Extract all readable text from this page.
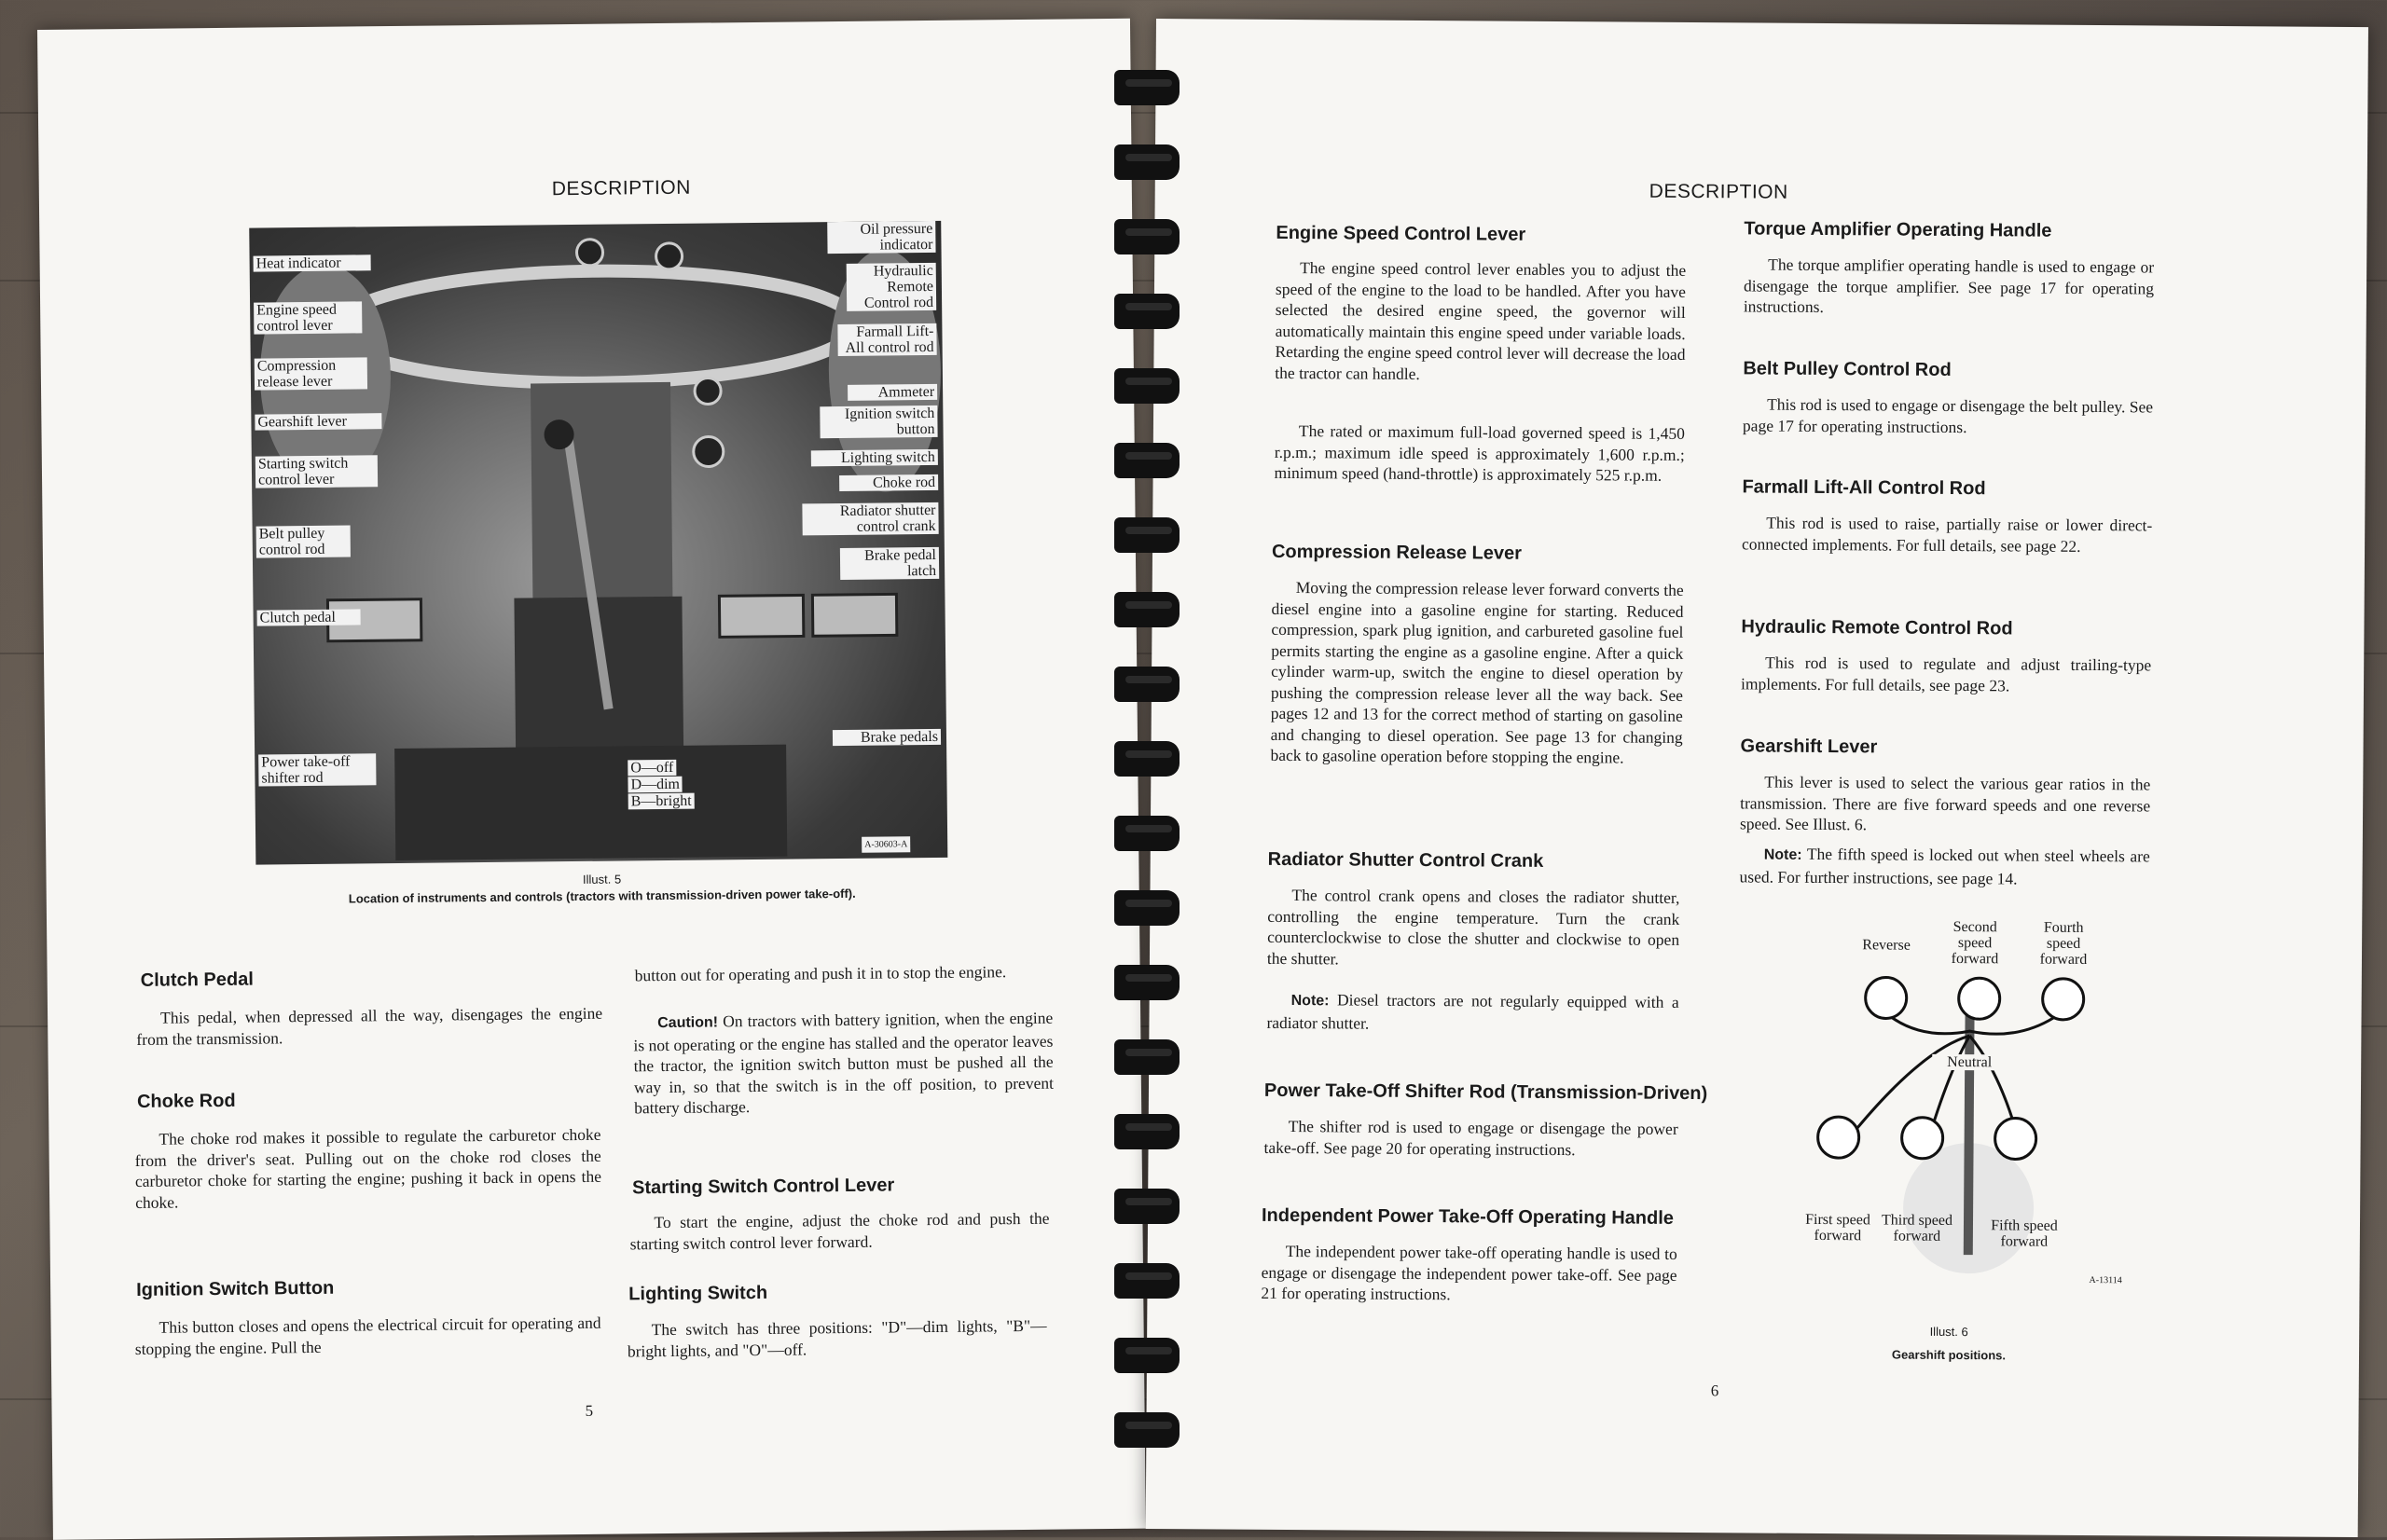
DESCRIPTION
Heat indicator
Engine speed control lever
Compression release lever
Gearshift lever
Starting switch control lever
Belt pulley control rod
Clutch pedal
Power take-off shifter rod
Oil pressure indicator
Hydraulic Remote Control rod
Farmall Lift-All control rod
Ammeter
Ignition switch button
Lighting switch
Choke rod
Radiator shutter control crank
Brake pedal latch
Brake pedals
O—off
D—dim
B—bright
A-30603-A
Illust. 5
Location of instruments and controls (tractors with transmission-driven power take-off).
Clutch Pedal
This pedal, when depressed all the way, disengages the engine from the transmission.
Choke Rod
The choke rod makes it possible to regulate the carburetor choke from the driver's seat. Pulling out on the choke rod closes the carburetor choke for starting the engine; pushing it back in opens the choke.
Ignition Switch Button
This button closes and opens the electrical circuit for operating and stopping the engine. Pull the
button out for operating and push it in to stop the engine.
Caution! On tractors with battery ignition, when the engine is not operating or the engine has stalled and the operator leaves the tractor, the ignition switch button must be pushed all the way in, so that the switch is in the off position, to prevent battery discharge.
Starting Switch Control Lever
To start the engine, adjust the choke rod and push the starting switch control lever forward.
Lighting Switch
The switch has three positions: "D"—dim lights, "B"—bright lights, and "O"—off.
5
DESCRIPTION
Engine Speed Control Lever
The engine speed control lever enables you to adjust the speed of the engine to the load to be handled. After you have selected the desired engine speed, the governor will automatically maintain this engine speed under variable loads. Retarding the engine speed control lever will decrease the load the tractor can handle.
The rated or maximum full-load governed speed is 1,450 r.p.m.; maximum idle speed is approximately 1,600 r.p.m.; minimum speed (hand-throttle) is approximately 525 r.p.m.
Compression Release Lever
Moving the compression release lever forward converts the diesel engine into a gasoline engine for starting. Reduced compression, spark plug ignition, and carbureted gasoline fuel permits starting the engine as a gasoline engine. After a quick cylinder warm-up, switch the engine to diesel operation by pushing the compression release lever all the way back. See pages 12 and 13 for the correct method of starting on gasoline and changing to diesel operation. See page 13 for changing back to gasoline operation before stopping the engine.
Radiator Shutter Control Crank
The control crank opens and closes the radiator shutter, controlling the engine temperature. Turn the crank counterclockwise to close the shutter and clockwise to open the shutter.
Note: Diesel tractors are not regularly equipped with a radiator shutter.
Power Take-Off Shifter Rod (Transmission-Driven)
The shifter rod is used to engage or disengage the power take-off. See page 20 for operating instructions.
Independent Power Take-Off Operating Handle
The independent power take-off operating handle is used to engage or disengage the independent power take-off. See page 21 for operating instructions.
6
Torque Amplifier Operating Handle
The torque amplifier operating handle is used to engage or disengage the torque amplifier. See page 17 for operating instructions.
Belt Pulley Control Rod
This rod is used to engage or disengage the belt pulley. See page 17 for operating instructions.
Farmall Lift-All Control Rod
This rod is used to raise, partially raise or lower direct-connected implements. For full details, see page 22.
Hydraulic Remote Control Rod
This rod is used to regulate and adjust trailing-type implements. For full details, see page 23.
Gearshift Lever
This lever is used to select the various gear ratios in the transmission. There are five forward speeds and one reverse speed. See Illust. 6.
Note: The fifth speed is locked out when steel wheels are used. For further instructions, see page 14.
Reverse
Second speed forward
Fourth speed forward
Neutral
First speed forward
Third speed forward
Fifth speed forward
A-13114
Illust. 6
Gearshift positions.
